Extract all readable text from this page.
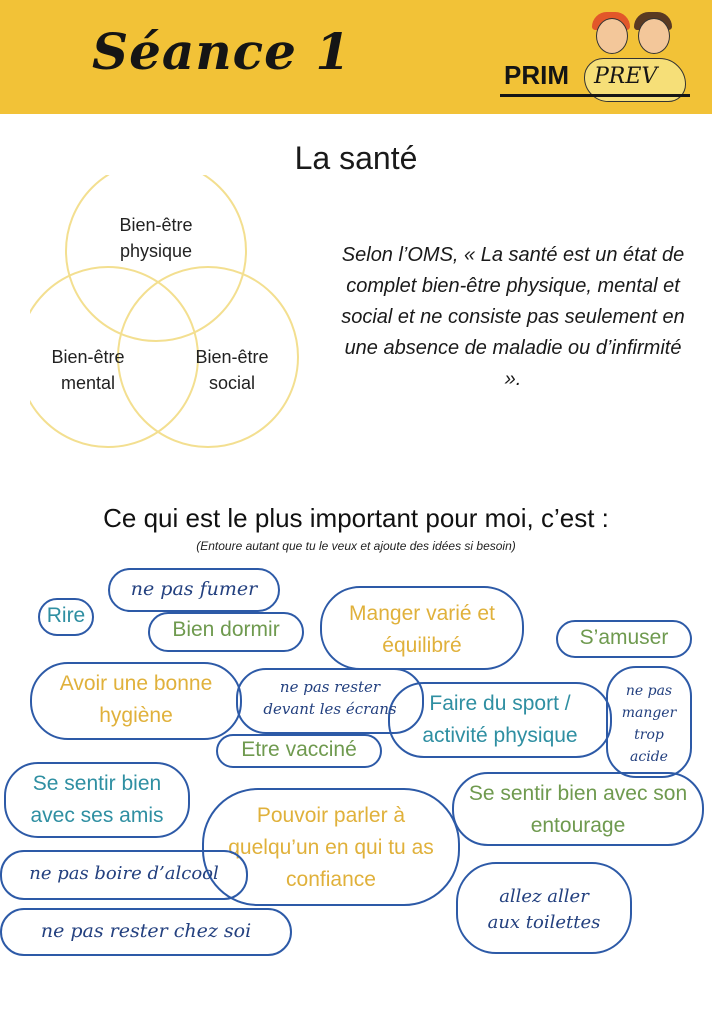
Séance 1	PRIM PREV
La santé
Bien-être
physique
Bien-être
mental
Bien-être
social
Selon l’OMS, « La santé est un état de complet bien-être physique, mental et social et ne consiste pas seulement en une absence de maladie ou d’infirmité ».
Ce qui est le plus important pour moi, c’est :
(Entoure autant que tu le veux et ajoute des idées si besoin)
Rire
Bien dormir
Manger varié et équilibré	S’amuser
Avoir une bonne hygiène
Faire du sport / activité physique
Etre vacciné
Se sentir bien avec ses amis
Se sentir bien avec son entourage
Pouvoir parler à quelqu’un en qui tu as confiance
ne pas fumer
ne pas rester devant les écrans
ne pas manger trop acide
ne pas boire d’alcool
allez aller aux toilettes
ne pas rester chez soi
